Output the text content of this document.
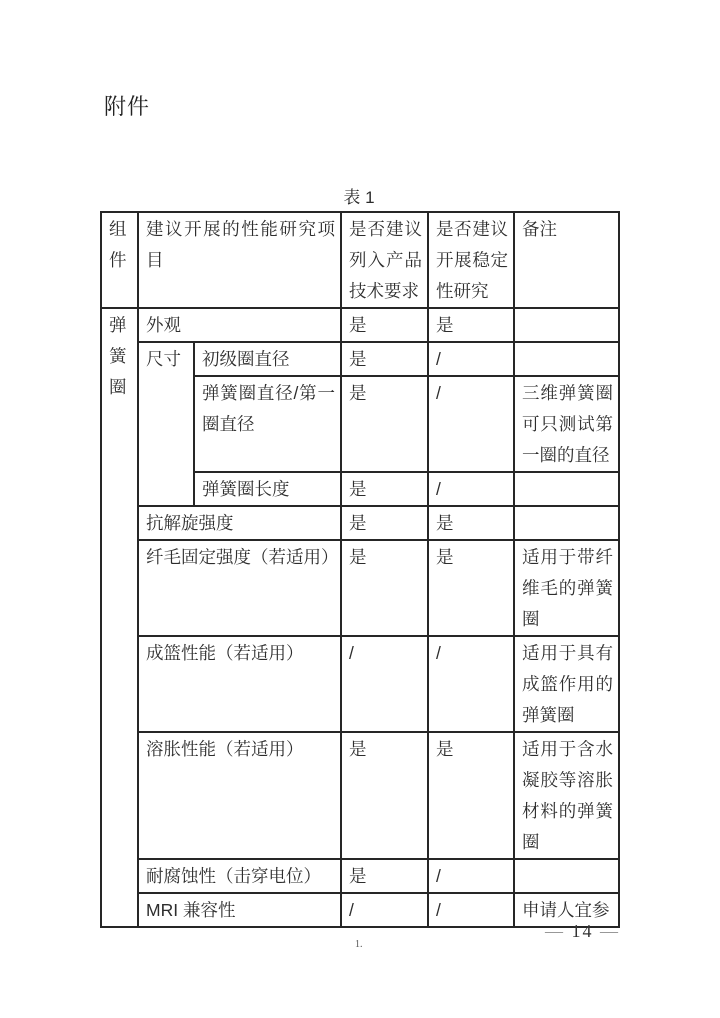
附件
表 1
组件	建议开展的性能研究项目		是否建议列入产品技术要求	是否建议开展稳定性研究	备注
弹簧圈	外观		是	是	
	尺寸	初级圈直径	是	/	
		弹簧圈直径/第一圈直径	是	/	三维弹簧圈可只测试第一圈的直径
		弹簧圈长度	是	/	
	抗解旋强度		是	是	
	纤毛固定强度（若适用）		是	是	适用于带纤维毛的弹簧圈
	成篮性能（若适用）		/	/	适用于具有成篮作用的弹簧圈
	溶胀性能（若适用）		是	是	适用于含水凝胶等溶胀材料的弹簧圈
	耐腐蚀性（击穿电位）		是	/	
	MRI 兼容性		/	/	申请人宜参
— 14 —
1.
